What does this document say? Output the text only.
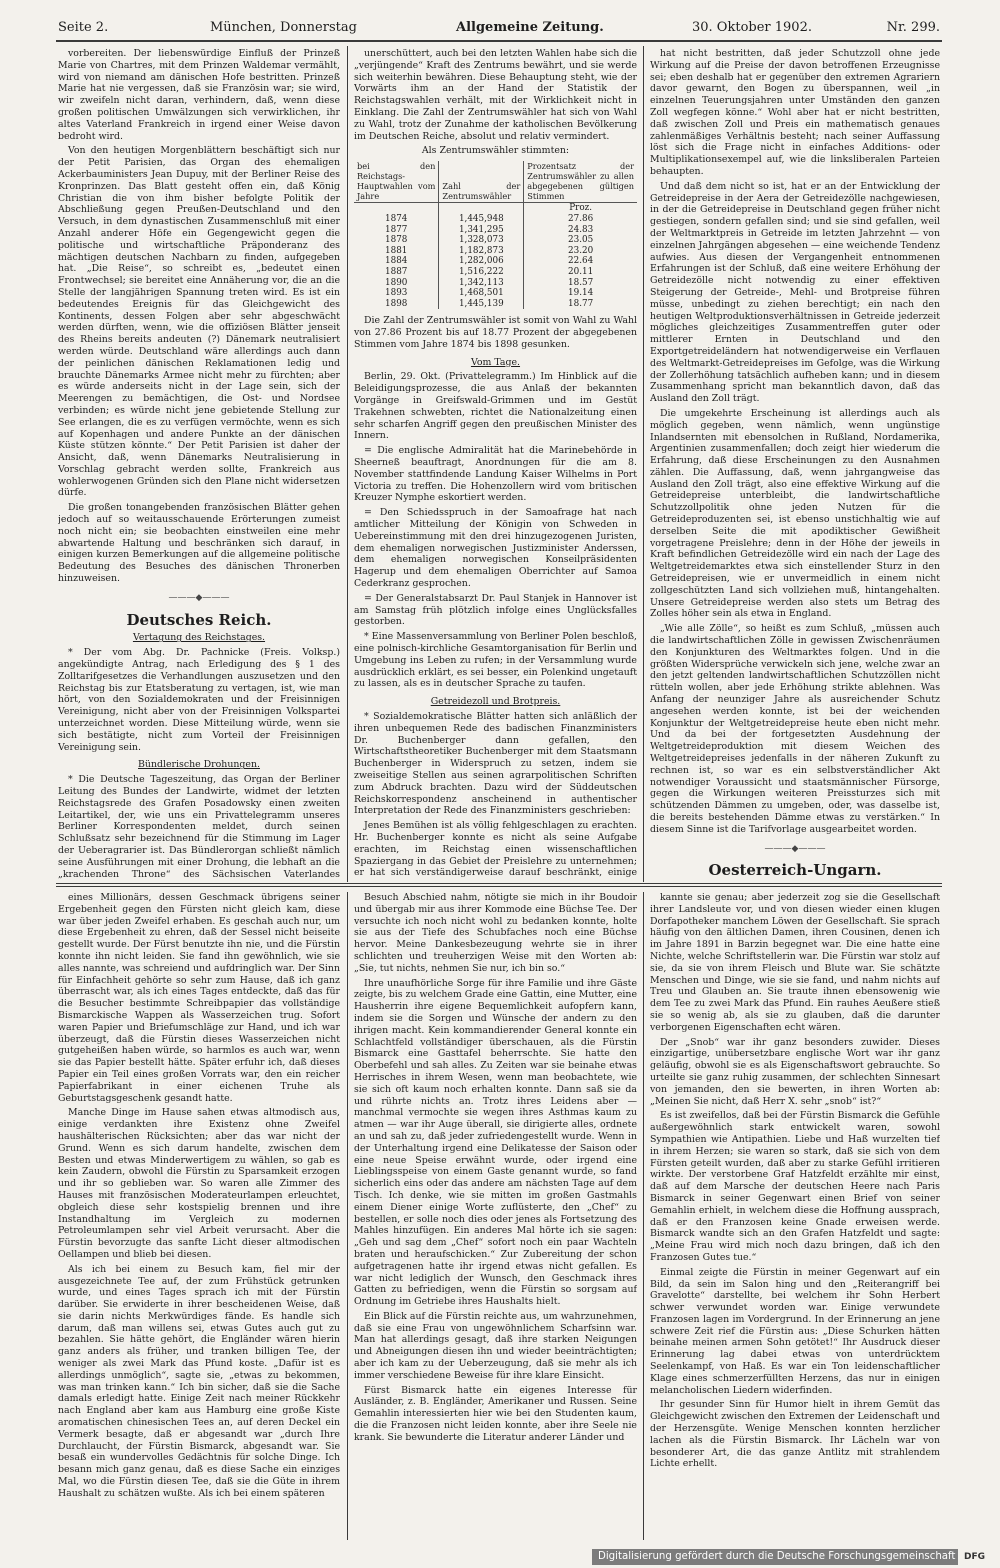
Seite 2.	München, Donnerstag	Allgemeine Zeitung.	30. Oktober 1902.	Nr. 299.

vorbereiten. Der liebenswürdige Einfluß der Prinzeß Marie von Chartres, mit dem Prinzen Waldemar vermählt, wird von niemand am dänischen Hofe bestritten. Prinzeß Marie hat nie vergessen, daß sie Französin war; sie wird, wir zweifeln nicht daran, verhindern, daß, wenn diese großen politischen Umwälzungen sich verwirklichen, ihr altes Vaterland Frankreich in irgend einer Weise davon bedroht wird.

Von den heutigen Morgenblättern beschäftigt sich nur der Petit Parisien, das Organ des ehemaligen Ackerbauministers Jean Dupuy, mit der Berliner Reise des Kronprinzen. Das Blatt gesteht offen ein, daß König Christian die von ihm bisher befolgte Politik der Abschließung gegen Preußen-Deutschland und den Versuch, in dem dynastischen Zusammenschluß mit einer Anzahl anderer Höfe ein Gegengewicht gegen die politische und wirtschaftliche Präponderanz des mächtigen deutschen Nachbarn zu finden, aufgegeben hat. „Die Reise“, so schreibt es, „bedeutet einen Frontwechsel; sie bereitet eine Annäherung vor, die an die Stelle der langjährigen Spannung treten wird. Es ist ein bedeutendes Ereignis für das Gleichgewicht des Kontinents, dessen Folgen aber sehr abgeschwächt werden dürften, wenn, wie die offiziösen Blätter jenseit des Rheins bereits andeuten (?) Dänemark neutralisiert werden würde. Deutschland wäre allerdings auch dann der peinlichen dänischen Reklamationen ledig und brauchte Dänemarks Armee nicht mehr zu fürchten; aber es würde anderseits nicht in der Lage sein, sich der Meerengen zu bemächtigen, die Ost- und Nordsee verbinden; es würde nicht jene gebietende Stellung zur See erlangen, die es zu verfügen vermöchte, wenn es sich auf Kopenhagen und andere Punkte an der dänischen Küste stützen könnte.“ Der Petit Parisien ist daher der Ansicht, daß, wenn Dänemarks Neutralisierung in Vorschlag gebracht werden sollte, Frankreich aus wohlerwogenen Gründen sich den Plane nicht widersetzen dürfe.

Die großen tonangebenden französischen Blätter gehen jedoch auf so weitausschauende Erörterungen zumeist noch nicht ein; sie beobachten einstweilen eine mehr abwartende Haltung und beschränken sich darauf, in einigen kurzen Bemerkungen auf die allgemeine politische Bedeutung des Besuches des dänischen Thronerben hinzuweisen.

———◆———
Deutsches Reich.
Vertagung des Reichstages.

* Der vom Abg. Dr. Pachnicke (Freis. Volksp.) angekündigte Antrag, nach Erledigung des § 1 des Zolltarifgesetzes die Verhandlungen auszusetzen und den Reichstag bis zur Etatsberatung zu vertagen, ist, wie man hört, von den Sozialdemokraten und der Freisinnigen Vereinigung, nicht aber von der Freisinnigen Volkspartei unterzeichnet worden. Diese Mitteilung würde, wenn sie sich bestätigte, nicht zum Vorteil der Freisinnigen Vereinigung sein.

Bündlerische Drohungen.

* Die Deutsche Tageszeitung, das Organ der Berliner Leitung des Bundes der Landwirte, widmet der letzten Reichstagsrede des Grafen Posadowsky einen zweiten Leitartikel, der, wie uns ein Privattelegramm unseres Berliner Korrespondenten meldet, durch seinen Schlußsatz sehr bezeichnend für die Stimmung im Lager der Ueberagrarier ist. Das Bündlerorgan schließt nämlich seine Ausführungen mit einer Drohung, die lebhaft an die „krachenden Throne“ des Sächsischen Vaterlandes

unerschüttert, auch bei den letzten Wahlen habe sich die „verjüngende“ Kraft des Zentrums bewährt, und sie werde sich weiterhin bewähren. Diese Behauptung steht, wie der Vorwärts ihm an der Hand der Statistik der Reichstagswahlen verhält, mit der Wirklichkeit nicht in Einklang. Die Zahl der Zentrumswähler hat sich von Wahl zu Wahl, trotz der Zunahme der katholischen Bevölkerung im Deutschen Reiche, absolut und relativ vermindert.

Als Zentrumswähler stimmten:

bei den Reichstags-Hauptwahlen vom Jahre	Zahl der Zentrumswähler	Prozentsatz der Zentrumswähler zu allen abgegebenen gültigen Stimmen
		Proz.
1874	1,445,948	27.86
1877	1,341,295	24.83
1878	1,328,073	23.05
1881	1,182,873	23.20
1884	1,282,006	22.64
1887	1,516,222	20.11
1890	1,342,113	18.57
1893	1,468,501	19.14
1898	1,445,139	18.77

Die Zahl der Zentrumswähler ist somit von Wahl zu Wahl von 27.86 Prozent bis auf 18.77 Prozent der abgegebenen Stimmen vom Jahre 1874 bis 1898 gesunken.

Vom Tage.

Berlin, 29. Okt. (Privattelegramm.) Im Hinblick auf die Beleidigungsprozesse, die aus Anlaß der bekannten Vorgänge in Greifswald-Grimmen und im Gestüt Trakehnen schwebten, richtet die Nationalzeitung einen sehr scharfen Angriff gegen den preußischen Minister des Innern.

= Die englische Admiralität hat die Marinebehörde in Sheerneß beauftragt, Anordnungen für die am 8. November stattfindende Landung Kaiser Wilhelms in Port Victoria zu treffen. Die Hohenzollern wird vom britischen Kreuzer Nymphe eskortiert werden.

= Den Schiedsspruch in der Samoafrage hat nach amtlicher Mitteilung der Königin von Schweden in Uebereinstimmung mit den drei hinzugezogenen Juristen, dem ehemaligen norwegischen Justizminister Anderssen, dem ehemaligen norwegischen Konseilpräsidenten Hagerup und dem ehemaligen Oberrichter auf Samoa Cederkranz gesprochen.

= Der Generalstabsarzt Dr. Paul Stanjek in Hannover ist am Samstag früh plötzlich infolge eines Unglücksfalles gestorben.

* Eine Massenversammlung von Berliner Polen beschloß, eine polnisch-kirchliche Gesamtorganisation für Berlin und Umgebung ins Leben zu rufen; in der Versammlung wurde ausdrücklich erklärt, es sei besser, ein Polenkind ungetauft zu lassen, als es in deutscher Sprache zu taufen.

Getreidezoll und Brotpreis.

* Sozialdemokratische Blätter hatten sich anläßlich der ihren unbequemen Rede des badischen Finanzministers Dr. Buchenberger dann gefallen, den Wirtschaftstheoretiker Buchenberger mit dem Staatsmann Buchenberger in Widerspruch zu setzen, indem sie zweiseitige Stellen aus seinen agrarpolitischen Schriften zum Abdruck brachten. Dazu wird der Süddeutschen Reichskorrespondenz anscheinend in authentischer Interpretation der Rede des Finanzministers geschrieben:

Jenes Bemühen ist als völlig fehlgeschlagen zu erachten. Hr. Buchenberger konnte es nicht als seine Aufgabe erachten, im Reichstag einen wissenschaftlichen Spaziergang in das Gebiet der Preislehre zu unternehmen; er hat sich verständigerweise darauf beschränkt, einige

hat nicht bestritten, daß jeder Schutzzoll ohne jede Wirkung auf die Preise der davon betroffenen Erzeugnisse sei; eben deshalb hat er gegenüber den extremen Agrariern davor gewarnt, den Bogen zu überspannen, weil „in einzelnen Teuerungsjahren unter Umständen den ganzen Zoll wegfegen könne.“ Wohl aber hat er nicht bestritten, daß zwischen Zoll und Preis ein mathematisch genaues zahlenmäßiges Verhältnis besteht; nach seiner Auffassung löst sich die Frage nicht in einfaches Additions- oder Multiplikationsexempel auf, wie die linksliberalen Parteien behaupten.

Und daß dem nicht so ist, hat er an der Entwicklung der Getreidepreise in der Aera der Getreidezölle nachgewiesen, in der die Getreidepreise in Deutschland gegen früher nicht gestiegen, sondern gefallen sind; und sie sind gefallen, weil der Weltmarktpreis in Getreide im letzten Jahrzehnt — von einzelnen Jahrgängen abgesehen — eine weichende Tendenz aufwies. Aus diesen der Vergangenheit entnommenen Erfahrungen ist der Schluß, daß eine weitere Erhöhung der Getreidezölle nicht notwendig zu einer effektiven Steigerung der Getreide-, Mehl- und Brotpreise führen müsse, unbedingt zu ziehen berechtigt; ein nach den heutigen Weltproduktionsverhältnissen in Getreide jederzeit mögliches gleichzeitiges Zusammentreffen guter oder mittlerer Ernten in Deutschland und den Exportgetreideländern hat notwendigerweise ein Verflauen des Weltmarkt-Getreidepreises im Gefolge, was die Wirkung der Zollerhöhung tatsächlich aufheben kann; und in diesem Zusammenhang spricht man bekanntlich davon, daß das Ausland den Zoll trägt.

Die umgekehrte Erscheinung ist allerdings auch als möglich gegeben, wenn nämlich, wenn ungünstige Inlandsernten mit ebensolchen in Rußland, Nordamerika, Argentinien zusammenfallen; doch zeigt hier wiederum die Erfahrung, daß diese Erscheinungen zu den Ausnahmen zählen. Die Auffassung, daß, wenn jahrgangweise das Ausland den Zoll trägt, also eine effektive Wirkung auf die Getreidepreise unterbleibt, die landwirtschaftliche Schutzzollpolitik ohne jeden Nutzen für die Getreideproduzenten sei, ist ebenso unstichhaltig wie auf derselben Seite die mit apodiktischer Gewißheit vorgetragene Preislehre; denn in der Höhe der jeweils in Kraft befindlichen Getreidezölle wird ein nach der Lage des Weltgetreidemarktes etwa sich einstellender Sturz in den Getreidepreisen, wie er unvermeidlich in einem nicht zollgeschützten Land sich vollziehen muß, hintangehalten. Unsere Getreidepreise werden also stets um Betrag des Zolles höher sein als etwa in England.

„Wie alle Zölle“, so heißt es zum Schluß, „müssen auch die landwirtschaftlichen Zölle in gewissen Zwischenräumen den Konjunkturen des Weltmarktes folgen. Und in die größten Widersprüche verwickeln sich jene, welche zwar an den jetzt geltenden landwirtschaftlichen Schutzzöllen nicht rütteln wollen, aber jede Erhöhung strikte ablehnen. Was Anfang der neunziger Jahre als ausreichender Schutz angesehen werden konnte, ist bei der weichenden Konjunktur der Weltgetreidepreise heute eben nicht mehr. Und da bei der fortgesetzten Ausdehnung der Weltgetreideproduktion mit diesem Weichen des Weltgetreidepreises jedenfalls in der näheren Zukunft zu rechnen ist, so war es ein selbstverständlicher Akt notwendiger Voraussicht und staatsmännischer Fürsorge, gegen die Wirkungen weiteren Preissturzes sich mit schützenden Dämmen zu umgeben, oder, was dasselbe ist, die bereits bestehenden Dämme etwas zu verstärken.“ In diesem Sinne ist die Tarifvorlage ausgearbeitet worden.

———◆———
Oesterreich-Ungarn.

eines Millionärs, dessen Geschmack übrigens seiner Ergebenheit gegen den Fürsten nicht gleich kam, diese war über jeden Zweifel erhaben. Es geschah auch nur, um diese Ergebenheit zu ehren, daß der Sessel nicht beiseite gestellt wurde. Der Fürst benutzte ihn nie, und die Fürstin konnte ihn nicht leiden. Sie fand ihn gewöhnlich, wie sie alles nannte, was schreiend und aufdringlich war. Der Sinn für Einfachheit gehörte so sehr zum Hause, daß ich ganz überrascht war, als ich eines Tages entdeckte, daß das für die Besucher bestimmte Schreibpapier das vollständige Bismarckische Wappen als Wasserzeichen trug. Sofort waren Papier und Briefumschläge zur Hand, und ich war überzeugt, daß die Fürstin dieses Wasserzeichen nicht gutgeheißen haben würde, so harmlos es auch war, wenn sie das Papier bestellt hätte. Später erfuhr ich, daß dieses Papier ein Teil eines großen Vorrats war, den ein reicher Papierfabrikant in einer eichenen Truhe als Geburtstagsgeschenk gesandt hatte.

Manche Dinge im Hause sahen etwas altmodisch aus, einige verdankten ihre Existenz ohne Zweifel haushälterischen Rücksichten; aber das war nicht der Grund. Wenn es sich darum handelte, zwischen dem Besten und etwas Minderwertigem zu wählen, so gab es kein Zaudern, obwohl die Fürstin zu Sparsamkeit erzogen und ihr so geblieben war. So waren alle Zimmer des Hauses mit französischen Moderateurlampen erleuchtet, obgleich diese sehr kostspielig brennen und ihre Instandhaltung im Vergleich zu modernen Petroleumlampen sehr viel Arbeit verursacht. Aber die Fürstin bevorzugte das sanfte Licht dieser altmodischen Oellampen und blieb bei diesen.

Als ich bei einem zu Besuch kam, fiel mir der ausgezeichnete Tee auf, der zum Frühstück getrunken wurde, und eines Tages sprach ich mit der Fürstin darüber. Sie erwiderte in ihrer bescheidenen Weise, daß sie darin nichts Merkwürdiges fände. Es handle sich darum, daß man willens sei, etwas Gutes auch gut zu bezahlen. Sie hätte gehört, die Engländer wären hierin ganz anders als früher, und tranken billigen Tee, der weniger als zwei Mark das Pfund koste. „Dafür ist es allerdings unmöglich“, sagte sie, „etwas zu bekommen, was man trinken kann.“ Ich bin sicher, daß sie die Sache damals erledigt hatte. Einige Zeit nach meiner Rückkehr nach England aber kam aus Hamburg eine große Kiste aromatischen chinesischen Tees an, auf deren Deckel ein Vermerk besagte, daß er abgesandt war „durch Ihre Durchlaucht, der Fürstin Bismarck, abgesandt war. Sie besaß ein wundervolles Gedächtnis für solche Dinge. Ich besann mich ganz genau, daß es diese Sache ein einziges Mal, wo die Fürstin diesen Tee, daß sie die Güte in ihrem Haushalt zu schätzen wußte. Als ich bei einem späteren

Besuch Abschied nahm, nötigte sie mich in ihr Boudoir und übergab mir aus ihrer Kommode eine Büchse Tee. Der versuchte ich noch nicht wohl zu bedanken konnte, holte sie aus der Tiefe des Schubfaches noch eine Büchse hervor. Meine Dankesbezeugung wehrte sie in ihrer schlichten und treuherzigen Weise mit den Worten ab: „Sie, tut nichts, nehmen Sie nur, ich bin so.“

Ihre unaufhörliche Sorge für ihre Familie und ihre Gäste zeigte, bis zu welchem Grade eine Gattin, eine Mutter, eine Hausherrin ihre eigene Bequemlichkeit aufopfern kann, indem sie die Sorgen und Wünsche der andern zu den ihrigen macht. Kein kommandierender General konnte ein Schlachtfeld vollständiger überschauen, als die Fürstin Bismarck eine Gasttafel beherrschte. Sie hatte den Oberbefehl und sah alles. Zu Zeiten war sie beinahe etwas Herrisches in ihrem Wesen, wenn man beobachtete, wie sie sich oft kaum noch erhalten konnte. Dann saß sie da und rührte nichts an. Trotz ihres Leidens aber — manchmal vermochte sie wegen ihres Asthmas kaum zu atmen — war ihr Auge überall, sie dirigierte alles, ordnete an und sah zu, daß jeder zufriedengestellt wurde. Wenn in der Unterhaltung irgend eine Delikatesse der Saison oder eine neue Speise erwähnt wurde, oder irgend eine Lieblingsspeise von einem Gaste genannt wurde, so fand sicherlich eins oder das andere am nächsten Tage auf dem Tisch. Ich denke, wie sie mitten im großen Gastmahls einem Diener einige Worte zuflüsterte, den „Chef“ zu bestellen, er solle noch dies oder jenes als Fortsetzung des Mahles hinzufügen. Ein anderes Mal hörte ich sie sagen: „Geh und sag dem „Chef“ sofort noch ein paar Wachteln braten und heraufschicken.“ Zur Zubereitung der schon aufgetragenen hatte ihr irgend etwas nicht gefallen. Es war nicht lediglich der Wunsch, den Geschmack ihres Gatten zu befriedigen, wenn die Fürstin so sorgsam auf Ordnung im Getriebe ihres Haushalts hielt.

Ein Blick auf die Fürstin reichte aus, um wahrzunehmen, daß sie eine Frau von ungewöhnlichem Scharfsinn war. Man hat allerdings gesagt, daß ihre starken Neigungen und Abneigungen diesen ihn und wieder beeinträchtigten; aber ich kam zu der Ueberzeugung, daß sie mehr als ich immer verschiedene Beweise für ihre klare Einsicht.

Fürst Bismarck hatte ein eigenes Interesse für Ausländer, z. B. Engländer, Amerikaner und Russen. Seine Gemahlin interessierten hier wie bei den Studenten kaum, die die Franzosen nicht leiden konnte, aber ihre Seele nie krank. Sie bewunderte die Literatur anderer Länder und

kannte sie genau; aber jederzeit zog sie die Gesellschaft ihrer Landsleute vor, und von diesen wieder einen klugen Dorfapotheker manchem Löwen der Gesellschaft. Sie sprach häufig von den ältlichen Damen, ihren Cousinen, denen ich im Jahre 1891 in Barzin begegnet war. Die eine hatte eine Nichte, welche Schriftstellerin war. Die Fürstin war stolz auf sie, da sie von ihrem Fleisch und Blute war. Sie schätzte Menschen und Dinge, wie sie sie fand, und nahm nichts auf Treu und Glauben an. Sie traute ihnen ebensowenig wie dem Tee zu zwei Mark das Pfund. Ein rauhes Aeußere stieß sie so wenig ab, als sie zu glauben, daß die darunter verborgenen Eigenschaften echt wären.

Der „Snob“ war ihr ganz besonders zuwider. Dieses einzigartige, unübersetzbare englische Wort war ihr ganz geläufig, obwohl sie es als Eigenschaftswort gebrauchte. So urteilte sie ganz ruhig zusammen, der schlechten Sinnesart von jemanden, den sie bewerten, in ihren Worten ab: „Meinen Sie nicht, daß Herr X. sehr „snob“ ist?“

Es ist zweifellos, daß bei der Fürstin Bismarck die Gefühle außergewöhnlich stark entwickelt waren, sowohl Sympathien wie Antipathien. Liebe und Haß wurzelten tief in ihrem Herzen; sie waren so stark, daß sie sich von dem Fürsten geteilt wurden, daß aber zu starke Gefühl irritieren wirkte. Der verstorbene Graf Hatzfeldt erzählte mir einst, daß auf dem Marsche der deutschen Heere nach Paris Bismarck in seiner Gegenwart einen Brief von seiner Gemahlin erhielt, in welchem diese die Hoffnung aussprach, daß er den Franzosen keine Gnade erweisen werde. Bismarck wandte sich an den Grafen Hatzfeldt und sagte: „Meine Frau wird mich noch dazu bringen, daß ich den Franzosen Gutes tue.“

Einmal zeigte die Fürstin in meiner Gegenwart auf ein Bild, da sein im Salon hing und den „Reiterangriff bei Gravelotte“ darstellte, bei welchem ihr Sohn Herbert schwer verwundet worden war. Einige verwundete Franzosen lagen im Vordergrund. In der Erinnerung an jene schwere Zeit rief die Fürstin aus: „Diese Schurken hätten beinahe meinen armen Sohn getötet!“ Ihr Ausdruck dieser Erinnerung lag dabei etwas von unterdrücktem Seelenkampf, von Haß. Es war ein Ton leidenschaftlicher Klage eines schmerzerfüllten Herzens, das nur in einigen melancholischen Liedern widerfinden.

Ihr gesunder Sinn für Humor hielt in ihrem Gemüt das Gleichgewicht zwischen den Extremen der Leidenschaft und der Herzensgüte. Wenige Menschen konnten herzlicher lachen als die Fürstin Bismarck. Ihr Lächeln war von besonderer Art, die das ganze Antlitz mit strahlendem Lichte erhellt.

Digitalisierung gefördert durch die Deutsche Forschungsgemeinschaft DFG
